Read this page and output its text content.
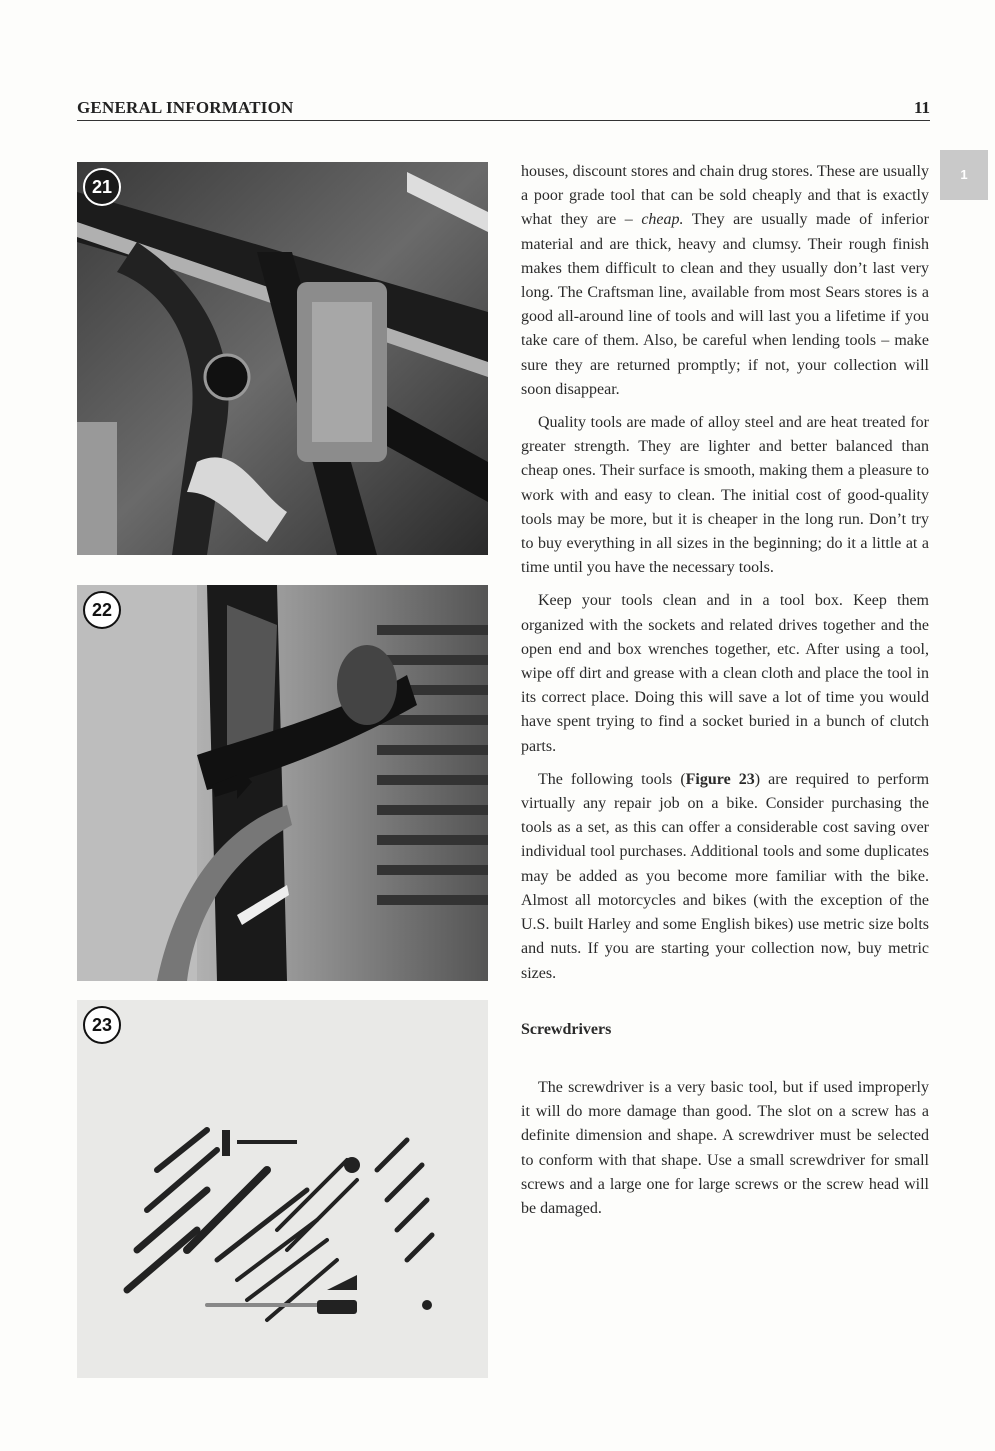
GENERAL INFORMATION	11
1
21
22
23

houses, discount stores and chain drug stores. These are usually a poor grade tool that can be sold cheaply and that is exactly what they are – cheap. They are usually made of inferior material and are thick, heavy and clumsy. Their rough finish makes them difficult to clean and they usually don’t last very long. The Craftsman line, available from most Sears stores is a good all-around line of tools and will last you a lifetime if you take care of them. Also, be careful when lending tools – make sure they are returned promptly; if not, your collection will soon disappear.

Quality tools are made of alloy steel and are heat treated for greater strength. They are lighter and better balanced than cheap ones. Their surface is smooth, making them a pleasure to work with and easy to clean. The initial cost of good-quality tools may be more, but it is cheaper in the long run. Don’t try to buy everything in all sizes in the beginning; do it a little at a time until you have the necessary tools.

Keep your tools clean and in a tool box. Keep them organized with the sockets and related drives together and the open end and box wrenches together, etc. After using a tool, wipe off dirt and grease with a clean cloth and place the tool in its correct place. Doing this will save a lot of time you would have spent trying to find a socket buried in a bunch of clutch parts.

The following tools (Figure 23) are required to perform virtually any repair job on a bike. Consider purchasing the tools as a set, as this can offer a considerable cost saving over individual tool purchases. Additional tools and some duplicates may be added as you become more familiar with the bike. Almost all motorcycles and bikes (with the exception of the U.S. built Harley and some English bikes) use metric size bolts and nuts. If you are starting your collection now, buy metric sizes.

Screwdrivers

The screwdriver is a very basic tool, but if used improperly it will do more damage than good. The slot on a screw has a definite dimension and shape. A screwdriver must be selected to conform with that shape. Use a small screwdriver for small screws and a large one for large screws or the screw head will be damaged.
